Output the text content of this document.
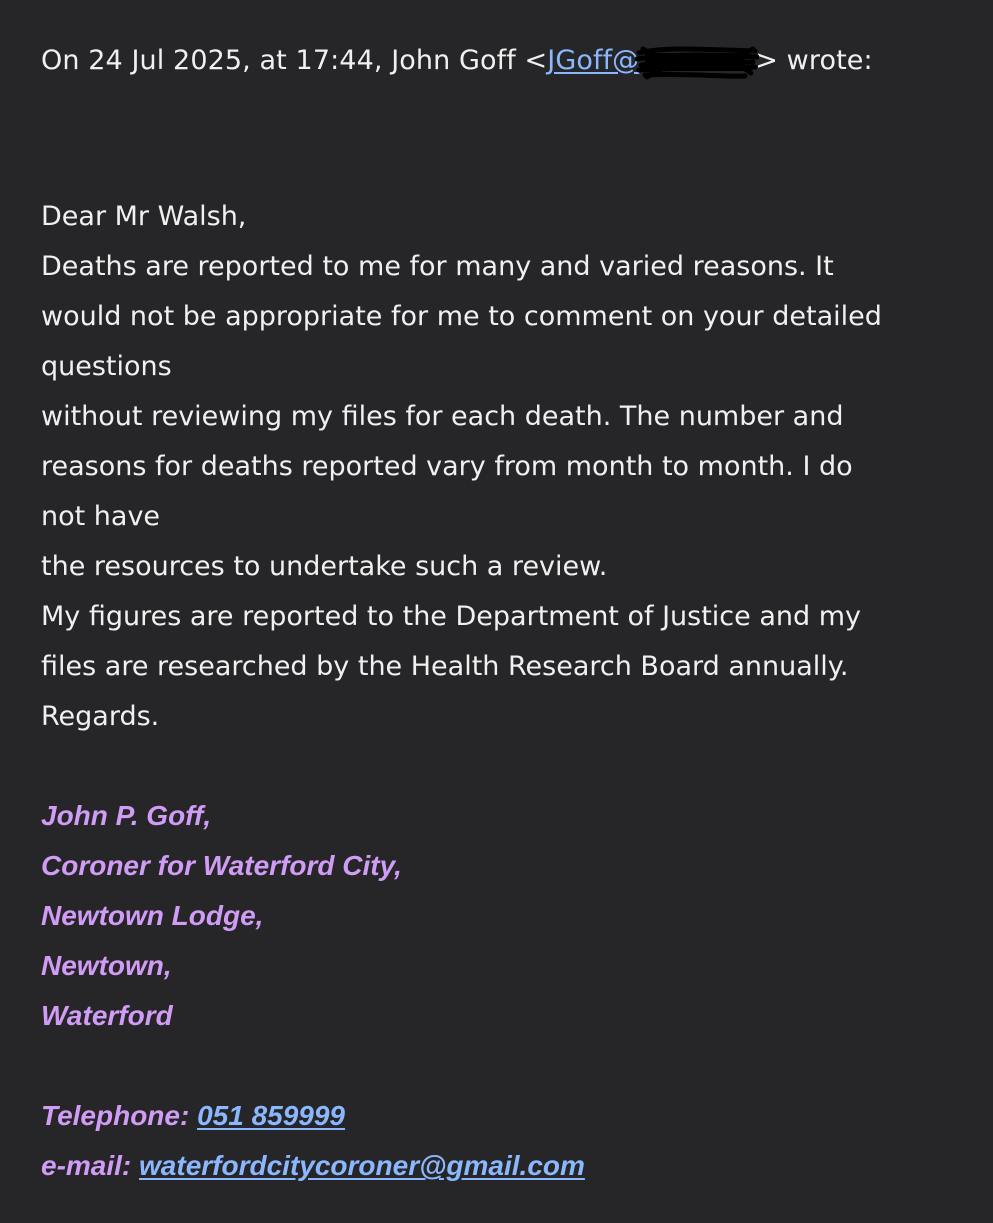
On 24 Jul 2025, at 17:44, John Goff <JGoff@	> wrote:
Dear Mr Walsh,
Deaths are reported to me for many and varied reasons. It
would not be appropriate for me to comment on your detailed
questions
without reviewing my files for each death. The number and
reasons for deaths reported vary from month to month. I do
not have
the resources to undertake such a review.
My figures are reported to the Department of Justice and my
files are researched by the Health Research Board annually.
Regards.
John P. Goff,
Coroner for Waterford City,
Newtown Lodge,
Newtown,
Waterford
Telephone: 051 859999
e-mail: waterfordcitycoroner@gmail.com
